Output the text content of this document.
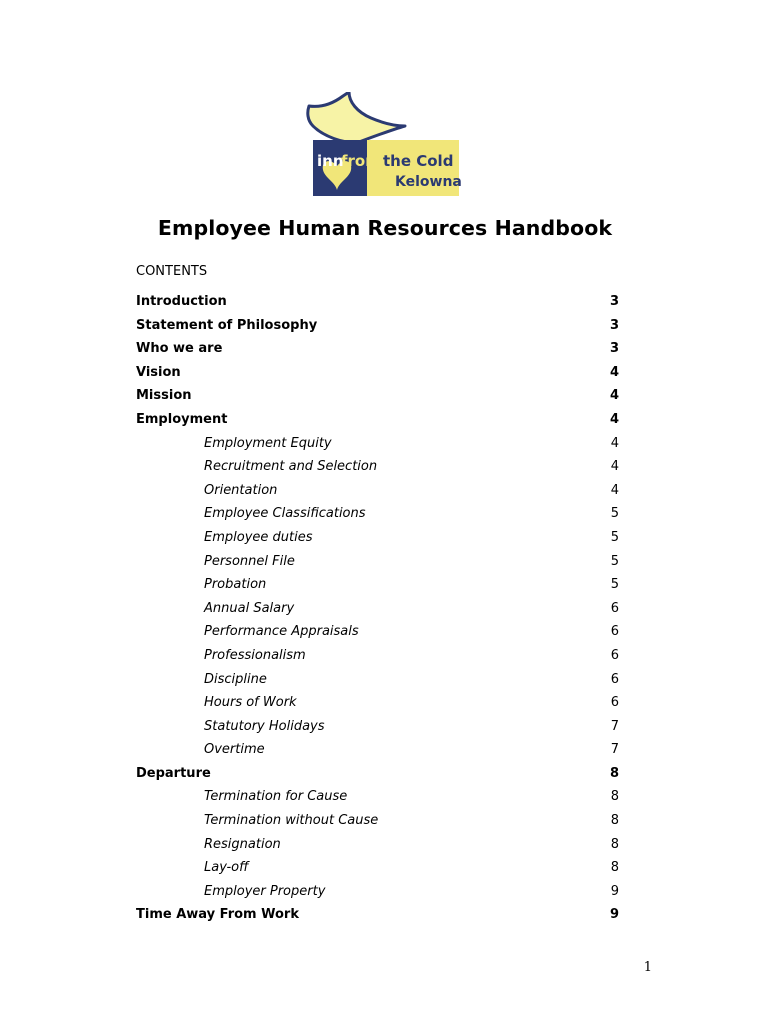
inn
from the Cold
Kelowna
Employee Human Resources Handbook
CONTENTS
Introduction	3
Statement of Philosophy	3
Who we are	3
Vision	4
Mission	4
Employment	4
Employment Equity	4
Recruitment and Selection	4
Orientation	4
Employee Classifications	5
Employee duties	5
Personnel File	5
Probation	5
Annual Salary	6
Performance Appraisals	6
Professionalism	6
Discipline	6
Hours of Work	6
Statutory Holidays	7
Overtime	7
Departure	8
Termination for Cause	8
Termination without Cause	8
Resignation	8
Lay-off	8
Employer Property	9
Time Away From Work	9
1
